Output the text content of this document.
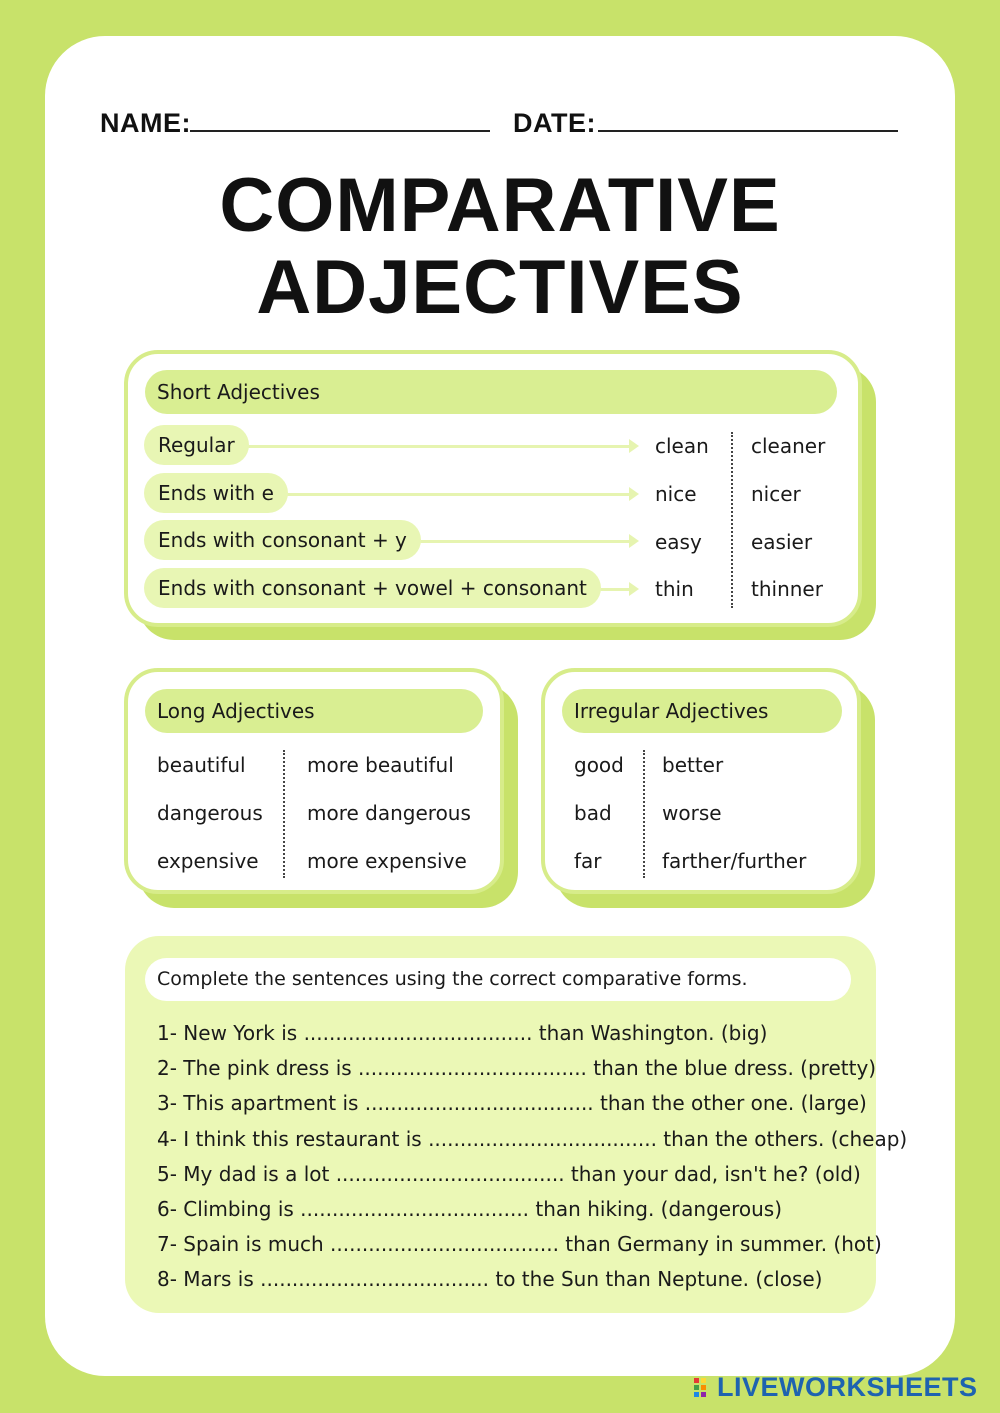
NAME:	DATE:
COMPARATIVE
ADJECTIVES
Short Adjectives
Regular
Ends with e
Ends with consonant + y
Ends with consonant + vowel + consonant
clean
nice
easy
thin
cleaner
nicer
easier
thinner
Long Adjectives
beautiful
dangerous
expensive
more beautiful
more dangerous
more expensive
Irregular Adjectives
good
bad
far
better
worse
farther/further
Complete the sentences using the correct comparative forms.
1- New York is .................................... than Washington. (big)
2- The pink dress is .................................... than the blue dress. (pretty)
3- This apartment is .................................... than the other one. (large)
4- I think this restaurant is .................................... than the others. (cheap)
5- My dad is a lot .................................... than your dad, isn't he? (old)
6- Climbing is .................................... than hiking. (dangerous)
7- Spain is much .................................... than Germany in summer. (hot)
8- Mars is .................................... to the Sun than Neptune. (close)
LIVEWORKSHEETS
